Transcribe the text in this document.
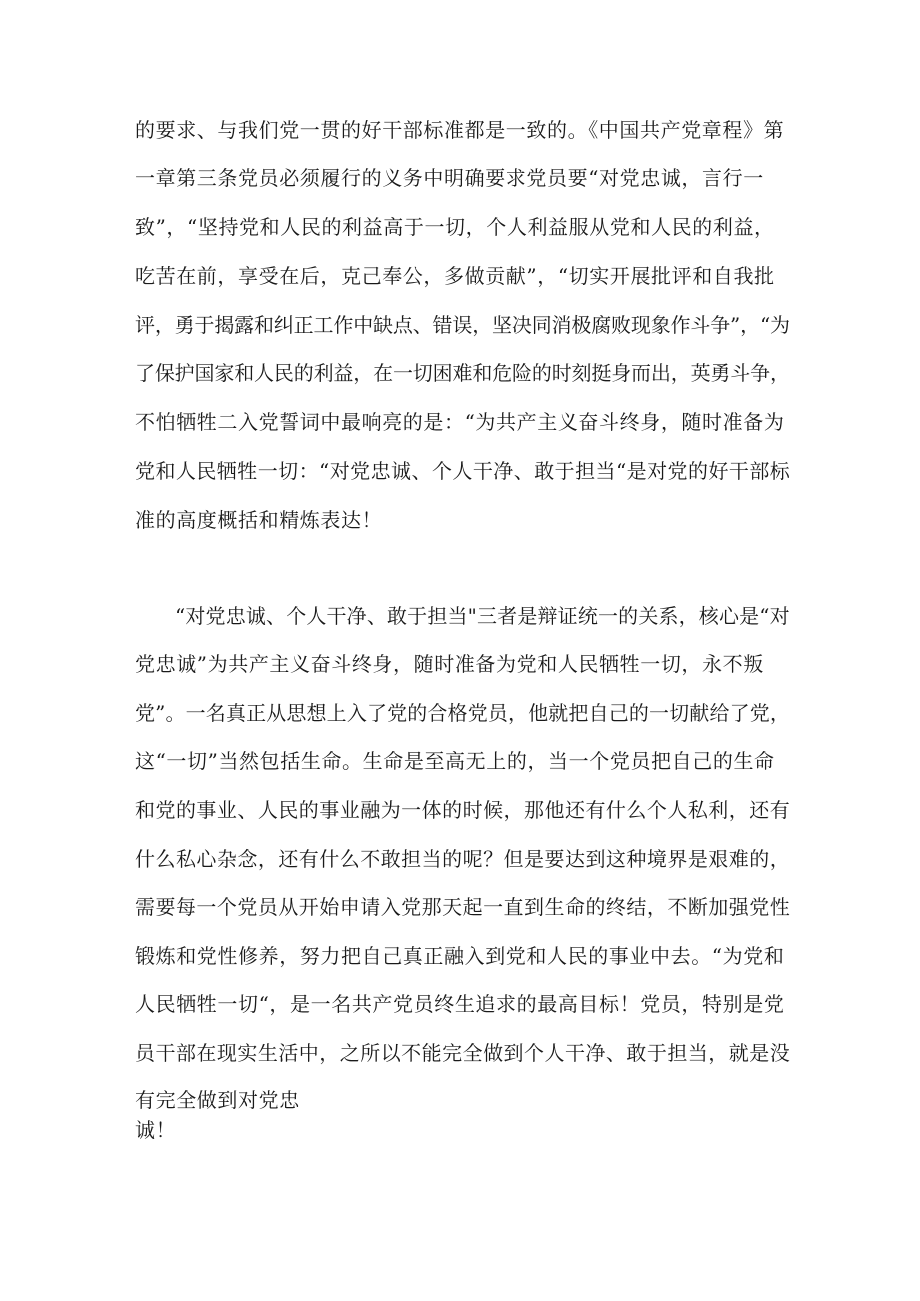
的要求、与我们党一贯的好干部标准都是一致的。《中国共产党章程》第
一章第三条党员必须履行的义务中明确要求党员要“对党忠诚，言行一
致”，“坚持党和人民的利益高于一切，个人利益服从党和人民的利益，
吃苦在前，享受在后，克己奉公，多做贡献”，“切实开展批评和自我批
评，勇于揭露和纠正工作中缺点、错误，坚决同消极腐败现象作斗争”，“为
了保护国家和人民的利益，在一切困难和危险的时刻挺身而出，英勇斗争，
不怕牺牲二入党誓词中最响亮的是：“为共产主义奋斗终身，随时准备为
党和人民牺牲一切：“对党忠诚、个人干净、敢于担当“是对党的好干部标
准的高度概括和精炼表达！
“对党忠诚、个人干净、敢于担当"三者是辩证统一的关系，核心是“对
党忠诚”为共产主义奋斗终身，随时准备为党和人民牺牲一切，永不叛
党”。一名真正从思想上入了党的合格党员，他就把自己的一切献给了党，
这“一切”当然包括生命。生命是至高无上的，当一个党员把自己的生命
和党的事业、人民的事业融为一体的时候，那他还有什么个人私利，还有
什么私心杂念，还有什么不敢担当的呢？但是要达到这种境界是艰难的，
需要每一个党员从开始申请入党那天起一直到生命的终结，不断加强党性
锻炼和党性修养，努力把自己真正融入到党和人民的事业中去。“为党和
人民牺牲一切“，是一名共产党员终生追求的最高目标！党员，特别是党
员干部在现实生活中，之所以不能完全做到个人干净、敢于担当，就是没
有完全做到对党忠
诚！
